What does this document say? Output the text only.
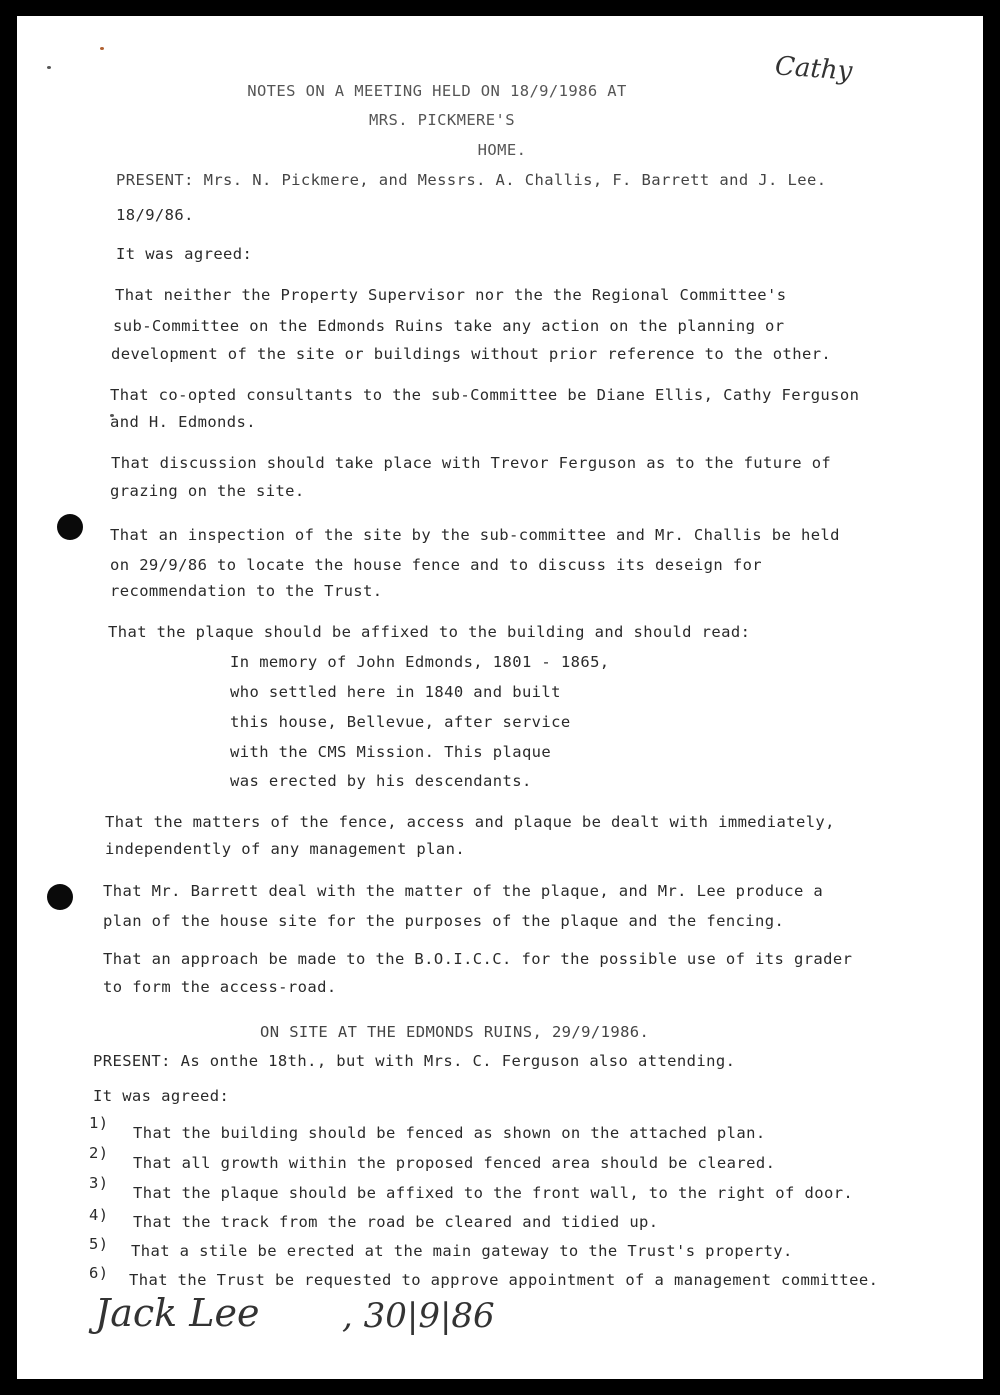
Cathy
NOTES ON A MEETING HELD ON 18/9/1986 AT
MRS. PICKMERE'S
HOME.
PRESENT: Mrs. N. Pickmere, and Messrs. A. Challis, F. Barrett and J. Lee.
18/9/86.
It was agreed:
That neither the Property Supervisor nor the the Regional Committee's
sub-Committee on the Edmonds Ruins take any action on the planning or
development of the site or buildings without prior reference to the other.
That co-opted consultants to the sub-Committee be Diane Ellis, Cathy Ferguson
and H. Edmonds.
That discussion should take place with Trevor Ferguson as to the future of
grazing on the site.
That an inspection of the site by the sub-committee and Mr. Challis be held
on 29/9/86 to locate the house fence and to discuss its deseign for
recommendation to the Trust.
That the plaque should be affixed to the building and should read:
In memory of John Edmonds, 1801 - 1865,
who settled here in 1840 and built
this house, Bellevue, after service
with the CMS Mission. This plaque
was erected by his descendants.
That the matters of the fence, access and plaque be dealt with immediately,
independently of any management plan.
That Mr. Barrett deal with the matter of the plaque, and Mr. Lee produce a
plan of the house site for the purposes of the plaque and the fencing.
That an approach be made to the B.O.I.C.C. for the possible use of its grader
to form the access-road.
ON SITE AT THE EDMONDS RUINS, 29/9/1986.
PRESENT: As onthe 18th., but with Mrs. C. Ferguson also attending.
It was agreed:
1)
That the building should be fenced as shown on the attached plan.
2)
That all growth within the proposed fenced area should be cleared.
3)
That the plaque should be affixed to the front wall, to the right of door.
4) That the track from the road be cleared and tidied up.
5) That a stile be erected at the main gateway to the Trust's property.
6) That the Trust be requested to approve appointment of a management committee.
Jack Lee , 30|9|86
